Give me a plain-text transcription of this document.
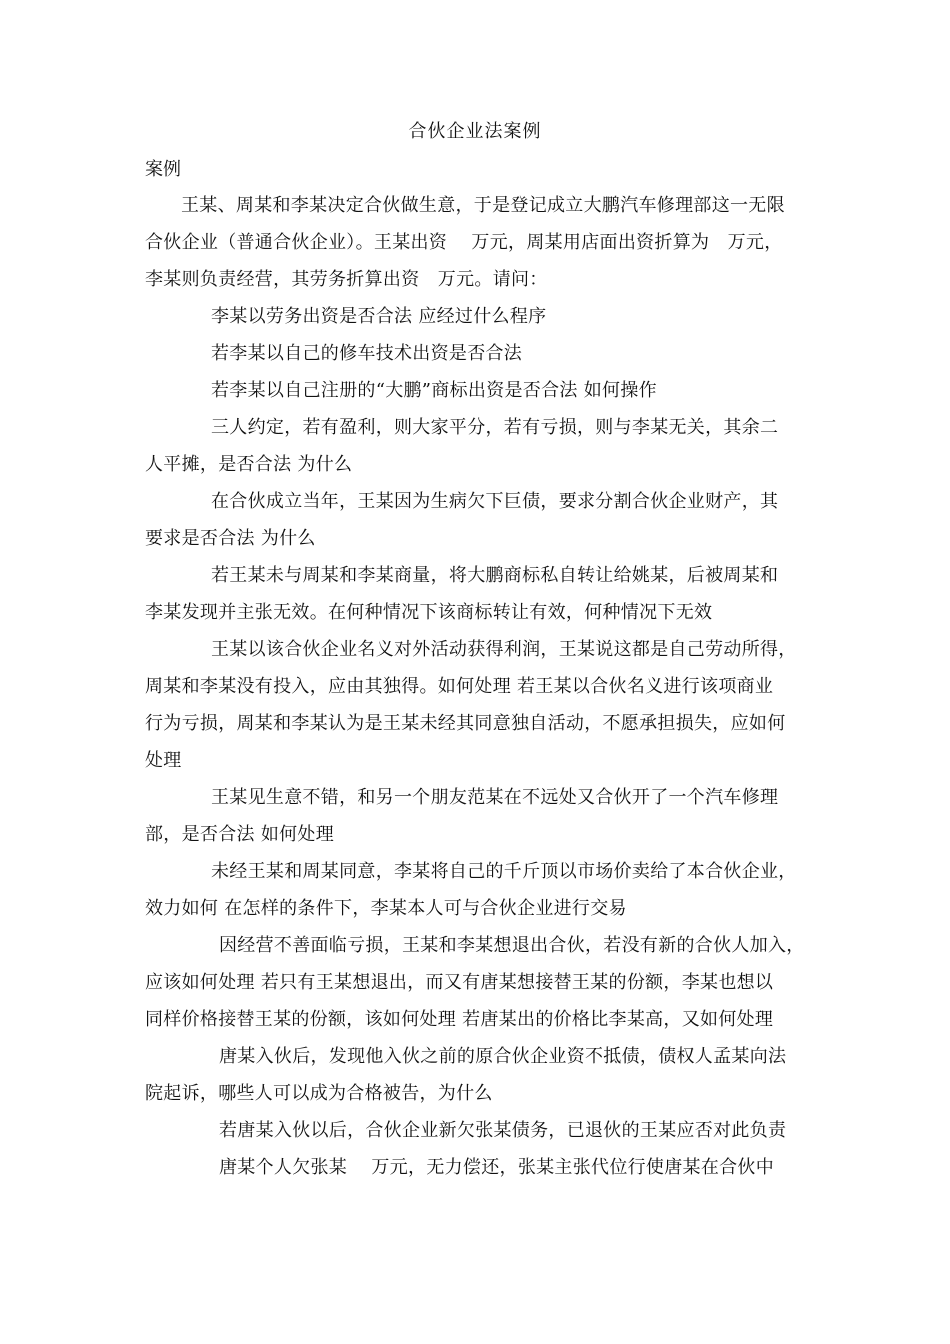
合伙企业法案例
案例
王某、周某和李某决定合伙做生意，于是登记成立大鹏汽车修理部这一无限
合伙企业（普通合伙企业）。王某出资　 万元，周某用店面出资折算为　万元，
李某则负责经营，其劳务折算出资　万元。请问：
李某以劳务出资是否合法 应经过什么程序
若李某以自己的修车技术出资是否合法
若李某以自己注册的“大鹏”商标出资是否合法 如何操作
三人约定，若有盈利，则大家平分，若有亏损，则与李某无关，其余二
人平摊，是否合法 为什么
在合伙成立当年，王某因为生病欠下巨债，要求分割合伙企业财产，其
要求是否合法 为什么
若王某未与周某和李某商量，将大鹏商标私自转让给姚某，后被周某和
李某发现并主张无效。在何种情况下该商标转让有效，何种情况下无效
王某以该合伙企业名义对外活动获得利润，王某说这都是自己劳动所得，
周某和李某没有投入，应由其独得。如何处理 若王某以合伙名义进行该项商业
行为亏损，周某和李某认为是王某未经其同意独自活动，不愿承担损失，应如何
处理
王某见生意不错，和另一个朋友范某在不远处又合伙开了一个汽车修理
部，是否合法 如何处理
未经王某和周某同意，李某将自己的千斤顶以市场价卖给了本合伙企业，
效力如何 在怎样的条件下，李某本人可与合伙企业进行交易
因经营不善面临亏损，王某和李某想退出合伙，若没有新的合伙人加入，
应该如何处理 若只有王某想退出，而又有唐某想接替王某的份额，李某也想以
同样价格接替王某的份额，该如何处理 若唐某出的价格比李某高，又如何处理
唐某入伙后，发现他入伙之前的原合伙企业资不抵债，债权人孟某向法
院起诉，哪些人可以成为合格被告，为什么
若唐某入伙以后，合伙企业新欠张某债务，已退伙的王某应否对此负责
唐某个人欠张某　 万元，无力偿还，张某主张代位行使唐某在合伙中
